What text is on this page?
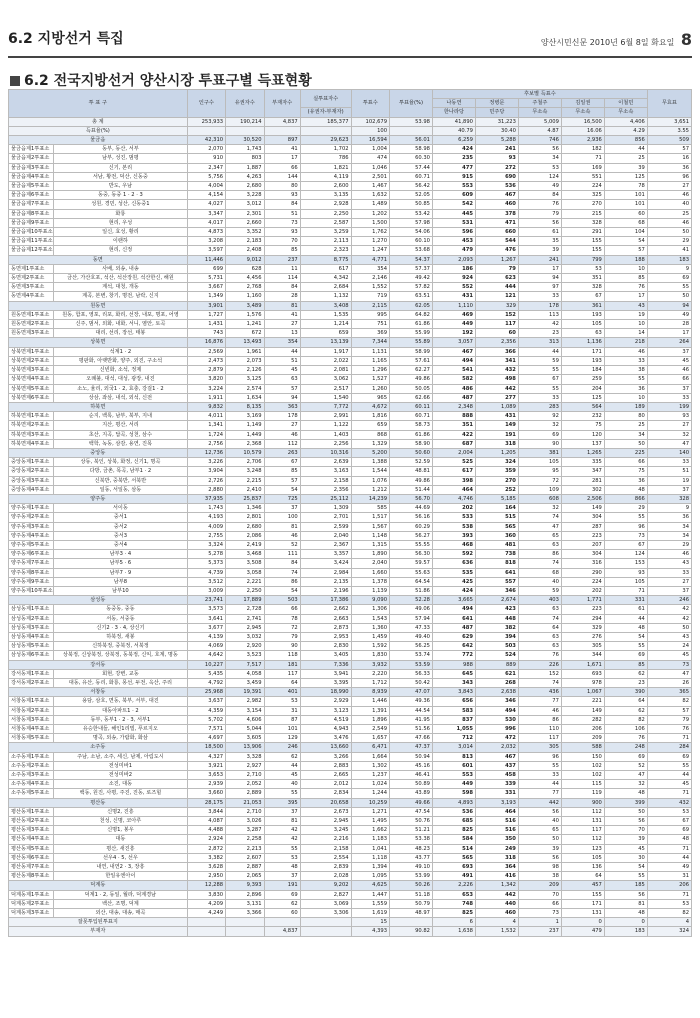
6.2 지방선거 특집	양산시민신문 2010년 6월 8일 화요일 8
6.2 전국지방선거 양산시장 투표구별 득표현황
투 표 구		인구수	유권자수	부재자수	실투표자수	투표수	투표율(%)	후보별 득표수					무효표
								나동연	정병문	주철주	김일권	이철민	
					(유권자-부재자)			한나라당	민주당	무소속	무소속	무소속	
총 계		253,933	190,214	4,837	185,377	102,679	53.98	41,890	31,223	5,009	16,500	4,406	3,651
득표율(%)						100		40.79	30.40	4.87	16.06	4.29	3.55
물금읍		42,310	30,520	897	29,623	16,594	56.01	6,259	5,288	746	2,936	856	509
물금읍제1투표소	동부, 동산, 서부	2,070	1,743	41	1,702	1,004	58.98	424	241	56	182	44	57
물금읍제2투표소	남부, 성진, 범평	910	803	17	786	474	60.30	235	93	34	71	25	16
물금읍제3투표소	신기, 본리	2,347	1,887	66	1,821	1,046	57.44	477	272	53	169	39	36
물금읍제4투표소	서남, 황전, 덕산, 신동중	5,756	4,263	144	4,119	2,501	60.71	915	690	124	551	125	96
물금읍제5투표소	반도, 우남	4,004	2,680	80	2,600	1,467	56.42	553	536	49	224	78	27
물금읍제6투표소	동중, 동중 1 · 2 · 3	4,154	3,228	93	3,135	1,632	52.05	609	467	84	325	101	46
물금읍제7투표소	성원, 경민, 성산, 신동중1	4,027	3,012	84	2,928	1,489	50.85	542	460	76	270	101	40
물금읍제8투표소	화룡	3,347	2,301	51	2,250	1,202	53.42	445	378	79	215	60	25
물금읍제9투표소	현리, 우성	4,017	2,660	73	2,587	1,500	57.98	531	471	56	328	68	46
물금읍제10투표소	일신, 효성, 황리	4,873	3,352	93	3,259	1,762	54.06	596	660	61	291	104	50
물금읍제11투표소	이랜하	3,208	2,183	70	2,113	1,270	60.10	453	544	35	155	54	29
물금읍제12투표소	현리, 신정	3,597	2,408	85	2,323	1,247	53.68	479	476	39	155	57	41
동면		11,446	9,012	237	8,775	4,771	54.37	2,093	1,267	241	799	188	183
동면제1투표소	사배, 외송, 내송	699	628	11	617	354	57.37	186	79	17	53	10	9
동면제2투표소	금산, 가산호포, 석산, 석산장원, 석산한신, 해원	5,731	4,456	114	4,342	2,146	49.42	924	623	94	351	85	69
동면제3투표소	계석, 대청, 개동	3,667	2,768	84	2,684	1,552	57.82	552	444	97	328	76	55
동면제4투표소	계곡, 본변, 창기, 명전, 남락, 신지	1,349	1,160	28	1,132	719	63.51	431	121	33	67	17	50
원동면		3,901	3,489	81	3,408	2,115	62.05	1,110	329	178	361	43	94
원동면제1투표소	원동, 함포, 영포, 리포, 화리, 선장, 내포, 명포, 어영	1,727	1,576	41	1,535	995	64.82	469	152	113	193	19	49
원동면제2투표소	신주, 범서, 외화, 내화, 서니, 염안, 토곡	1,431	1,241	27	1,214	751	61.86	449	117	42	105	10	28
원동면제3투표소	대리, 선리, 장선, 태봉	743	672	13	659	369	55.99	192	60	23	63	14	17
상북면		16,876	13,493	354	13,139	7,344	55.89	3,057	2,356	313	1,136	218	264
상북면제1투표소	석계1 · 2	2,569	1,961	44	1,917	1,131	58.99	467	366	44	171	46	37
상북면제2투표소	평판화, 아랫반화, 양주, 외진, 구소석	2,473	2,073	51	2,022	1,165	57.61	494	341	59	193	33	45
상북면제3투표소	신빈화, 소석, 정제	2,879	2,126	45	2,081	1,296	62.27	541	432	55	184	38	46
상북면제4투표소	오례불, 대석, 대성, 광장, 내진	3,820	3,125	63	3,062	1,527	49.86	582	498	67	259	55	66
상북면제5투표소	소노, 율리, 외국1 · 2, 효충, 강걸1 · 2	3,224	2,574	57	2,517	1,260	50.05	486	442	55	204	36	37
상북면제6투표소	상삼, 좌삼, 내석, 외석, 신전	1,911	1,634	94	1,540	965	62.66	487	277	33	125	10	33
하북면		9,832	8,135	363	7,772	4,672	60.11	2,348	1,089	283	564	189	199
하북면제1투표소	순지, 백록, 남부, 북부, 지내	4,011	3,169	178	2,991	1,816	60.71	888	431	92	232	80	93
하북면제2투표소	지산, 평산, 서리	1,341	1,149	27	1,122	659	58.73	351	149	32	75	25	27
하북면제3투표소	초산, 지곡, 답곡, 성천, 삼수	1,724	1,449	46	1,403	868	61.86	422	191	69	120	34	32
하북면제4투표소	백학, 녹동, 삼감, 용연, 진목	2,756	2,368	112	2,256	1,329	58.90	687	318	90	137	50	47
중앙동		12,736	10,579	263	10,316	5,200	50.60	2,004	1,205	381	1,265	225	140
중앙동제1투표소	상동, 북인, 상북, 화정, 신기1, 명곡	3,226	2,706	67	2,639	1,388	52.59	525	324	105	335	66	33
중앙동제2투표소	다방, 금촌, 목곡, 남부1 · 2	3,904	3,248	85	3,163	1,544	48.81	617	359	95	347	75	51
중앙동제3투표소	신북반, 중북반, 서북반	2,726	2,215	57	2,158	1,076	49.86	398	270	72	281	36	19
중앙동제4투표소	일동, 서일동, 삼동	2,880	2,410	54	2,356	1,212	51.44	464	252	109	302	48	37
양주동		37,935	25,837	725	25,112	14,239	56.70	4,746	5,185	608	2,506	866	328
양주동제1투표소	서이동	1,743	1,346	37	1,309	585	44.69	202	164	32	149	29	9
양주동제2투표소	중서1	4,193	2,801	100	2,701	1,517	56.16	533	515	74	304	55	36
양주동제3투표소	중서2	4,009	2,680	81	2,599	1,567	60.29	538	565	47	287	96	34
양주동제4투표소	중서3	2,755	2,086	46	2,040	1,148	56.27	393	360	65	223	73	34
양주동제5투표소	중서4	3,324	2,419	52	2,367	1,315	55.55	468	481	63	207	67	29
양주동제6투표소	남부3 · 4	5,278	3,468	111	3,357	1,890	56.30	592	738	86	304	124	46
양주동제7투표소	남부5 · 6	5,373	3,508	84	3,424	2,040	59.57	636	818	74	316	153	43
양주동제8투표소	남부7 · 9	4,739	3,058	74	2,984	1,660	55.63	535	641	68	290	93	33
양주동제9투표소	남부8	3,512	2,221	86	2,135	1,378	64.54	425	557	40	224	105	27
양주동제10투표소	남부10	3,009	2,250	54	2,196	1,139	51.86	424	346	59	202	71	37
삼성동		23,741	17,889	503	17,386	9,090	52.28	3,665	2,674	403	1,771	331	246
삼성동제1투표소	동중동, 중동	3,573	2,728	66	2,662	1,306	49.06	494	423	63	223	61	42
삼성동제2투표소	서동, 서중동	3,641	2,741	78	2,663	1,543	57.94	641	448	74	294	44	42
삼성동제3투표소	신기2 · 3 · 4, 상신기	3,677	2,945	72	2,873	1,360	47.33	487	382	64	329	48	50
삼성동제4투표소	하북정, 새봉	4,139	3,032	79	2,953	1,459	49.40	629	394	63	276	54	43
삼성동제5투표소	신하북정, 중북정, 서북정	4,069	2,920	90	2,830	1,592	56.25	642	503	63	305	55	24
삼성동제6투표소	상북정, 신상북정, 상북정, 동북정, 신익, 호계, 명동	4,642	3,523	118	3,405	1,830	53.74	772	524	76	344	69	45
강서동		10,227	7,517	181	7,336	3,932	53.59	988	889	226	1,671	85	73
강서동제1투표소	회현, 강변, 교동	5,435	4,058	117	3,941	2,220	56.33	645	621	152	693	62	47
강서동제2투표소	대동, 유산, 동리, 화룡, 몽선, 두전, 옥산, 주리	4,792	3,459	64	3,395	1,712	50.42	343	268	74	978	23	26
서창동		25,968	19,391	401	18,990	8,939	47.07	3,843	2,638	436	1,067	390	365
서창동제1투표소	용담, 삼호, 면동, 북부, 서부, 대진	3,637	2,982	53	2,929	1,446	49.36	656	346	77	221	64	82
서창동제2투표소	대동아파트1 · 2	4,359	3,154	31	3,123	1,391	44.54	583	494	46	149	62	57
서창동제3투표소	동부, 동부1 · 2 · 3, 서부1	5,702	4,606	87	4,519	1,896	41.95	837	530	86	282	82	79
서창동제4투표소	유승한내들, 해인1리빌, 푸르지오	7,571	5,044	101	4,943	2,549	51.56	1,055	996	110	206	106	76
서창동제5투표소	명곡, 외송, 가람화, 화삼	4,697	3,605	129	3,476	1,657	47.66	712	472	117	209	76	71
소주동		18,500	13,906	246	13,660	6,471	47.37	3,014	2,032	305	588	248	284
소주동제1투표소	주남, 소남, 소주, 세신, 남제, 아림도시	4,327	3,328	62	3,266	1,664	50.94	813	467	96	150	69	69
소주동제2투표소	전성미바1	3,921	2,927	44	2,883	1,302	45.16	601	437	55	102	52	55
소주동제3투표소	전성미바2	3,653	2,710	45	2,665	1,237	46.41	553	458	33	102	47	44
소주동제4투표소	소진, 대동	2,939	2,052	40	2,012	1,024	50.89	449	339	44	115	32	45
소주동제5투표소	백동, 원진, 사평, 주진, 진동, 로즈힐	3,660	2,889	55	2,834	1,244	43.89	598	331	77	119	48	71
평산동		28,175	21,053	395	20,658	10,259	49.66	4,893	3,193	442	900	399	432
평산동제1투표소	신명2, 진흥	3,844	2,710	37	2,673	1,271	47.54	536	464	56	112	50	53
평산동제2투표소	천성, 신명, 코아루	4,087	3,026	81	2,945	1,495	50.76	685	516	40	131	56	67
평산동제3투표소	신명1, 봉우	4,488	3,287	42	3,245	1,662	51.21	825	516	65	117	70	69
평산동제4투표소	대동	2,924	2,258	42	2,216	1,183	53.38	584	350	50	112	39	48
평산동제5투표소	평산, 새진흥	2,872	2,213	55	2,158	1,041	48.23	514	249	39	123	45	71
평산동제6투표소	선우4 · 5, 선우	3,382	2,607	53	2,554	1,118	43.77	565	318	56	105	30	44
평산동제7투표소	내연, 내연2 · 3, 장흥	3,628	2,887	48	2,839	1,394	49.10	693	364	98	136	54	49
평산동제8투표소	한일유엔아이	2,950	2,065	37	2,028	1,095	53.99	491	416	38	64	55	31
덕계동		12,288	9,393	191	9,202	4,625	50.26	2,226	1,342	209	457	185	206
덕계동제1투표소	덕계1 · 2, 동일, 월라, 덕계경남	3,830	2,896	69	2,827	1,447	51.18	653	442	70	155	56	71
덕계동제2투표소	백산, 조명, 덕계	4,209	3,131	62	3,069	1,559	50.79	748	440	66	171	81	53
덕계동제3투표소	외산, 대송, 대송, 매곡	4,249	3,366	60	3,306	1,619	48.97	825	460	73	131	48	82
잘못투입된투표지						15		6	4	1	0	0	4
부재자				4,837		4,393	90.82	1,638	1,532	237	479	183	324
